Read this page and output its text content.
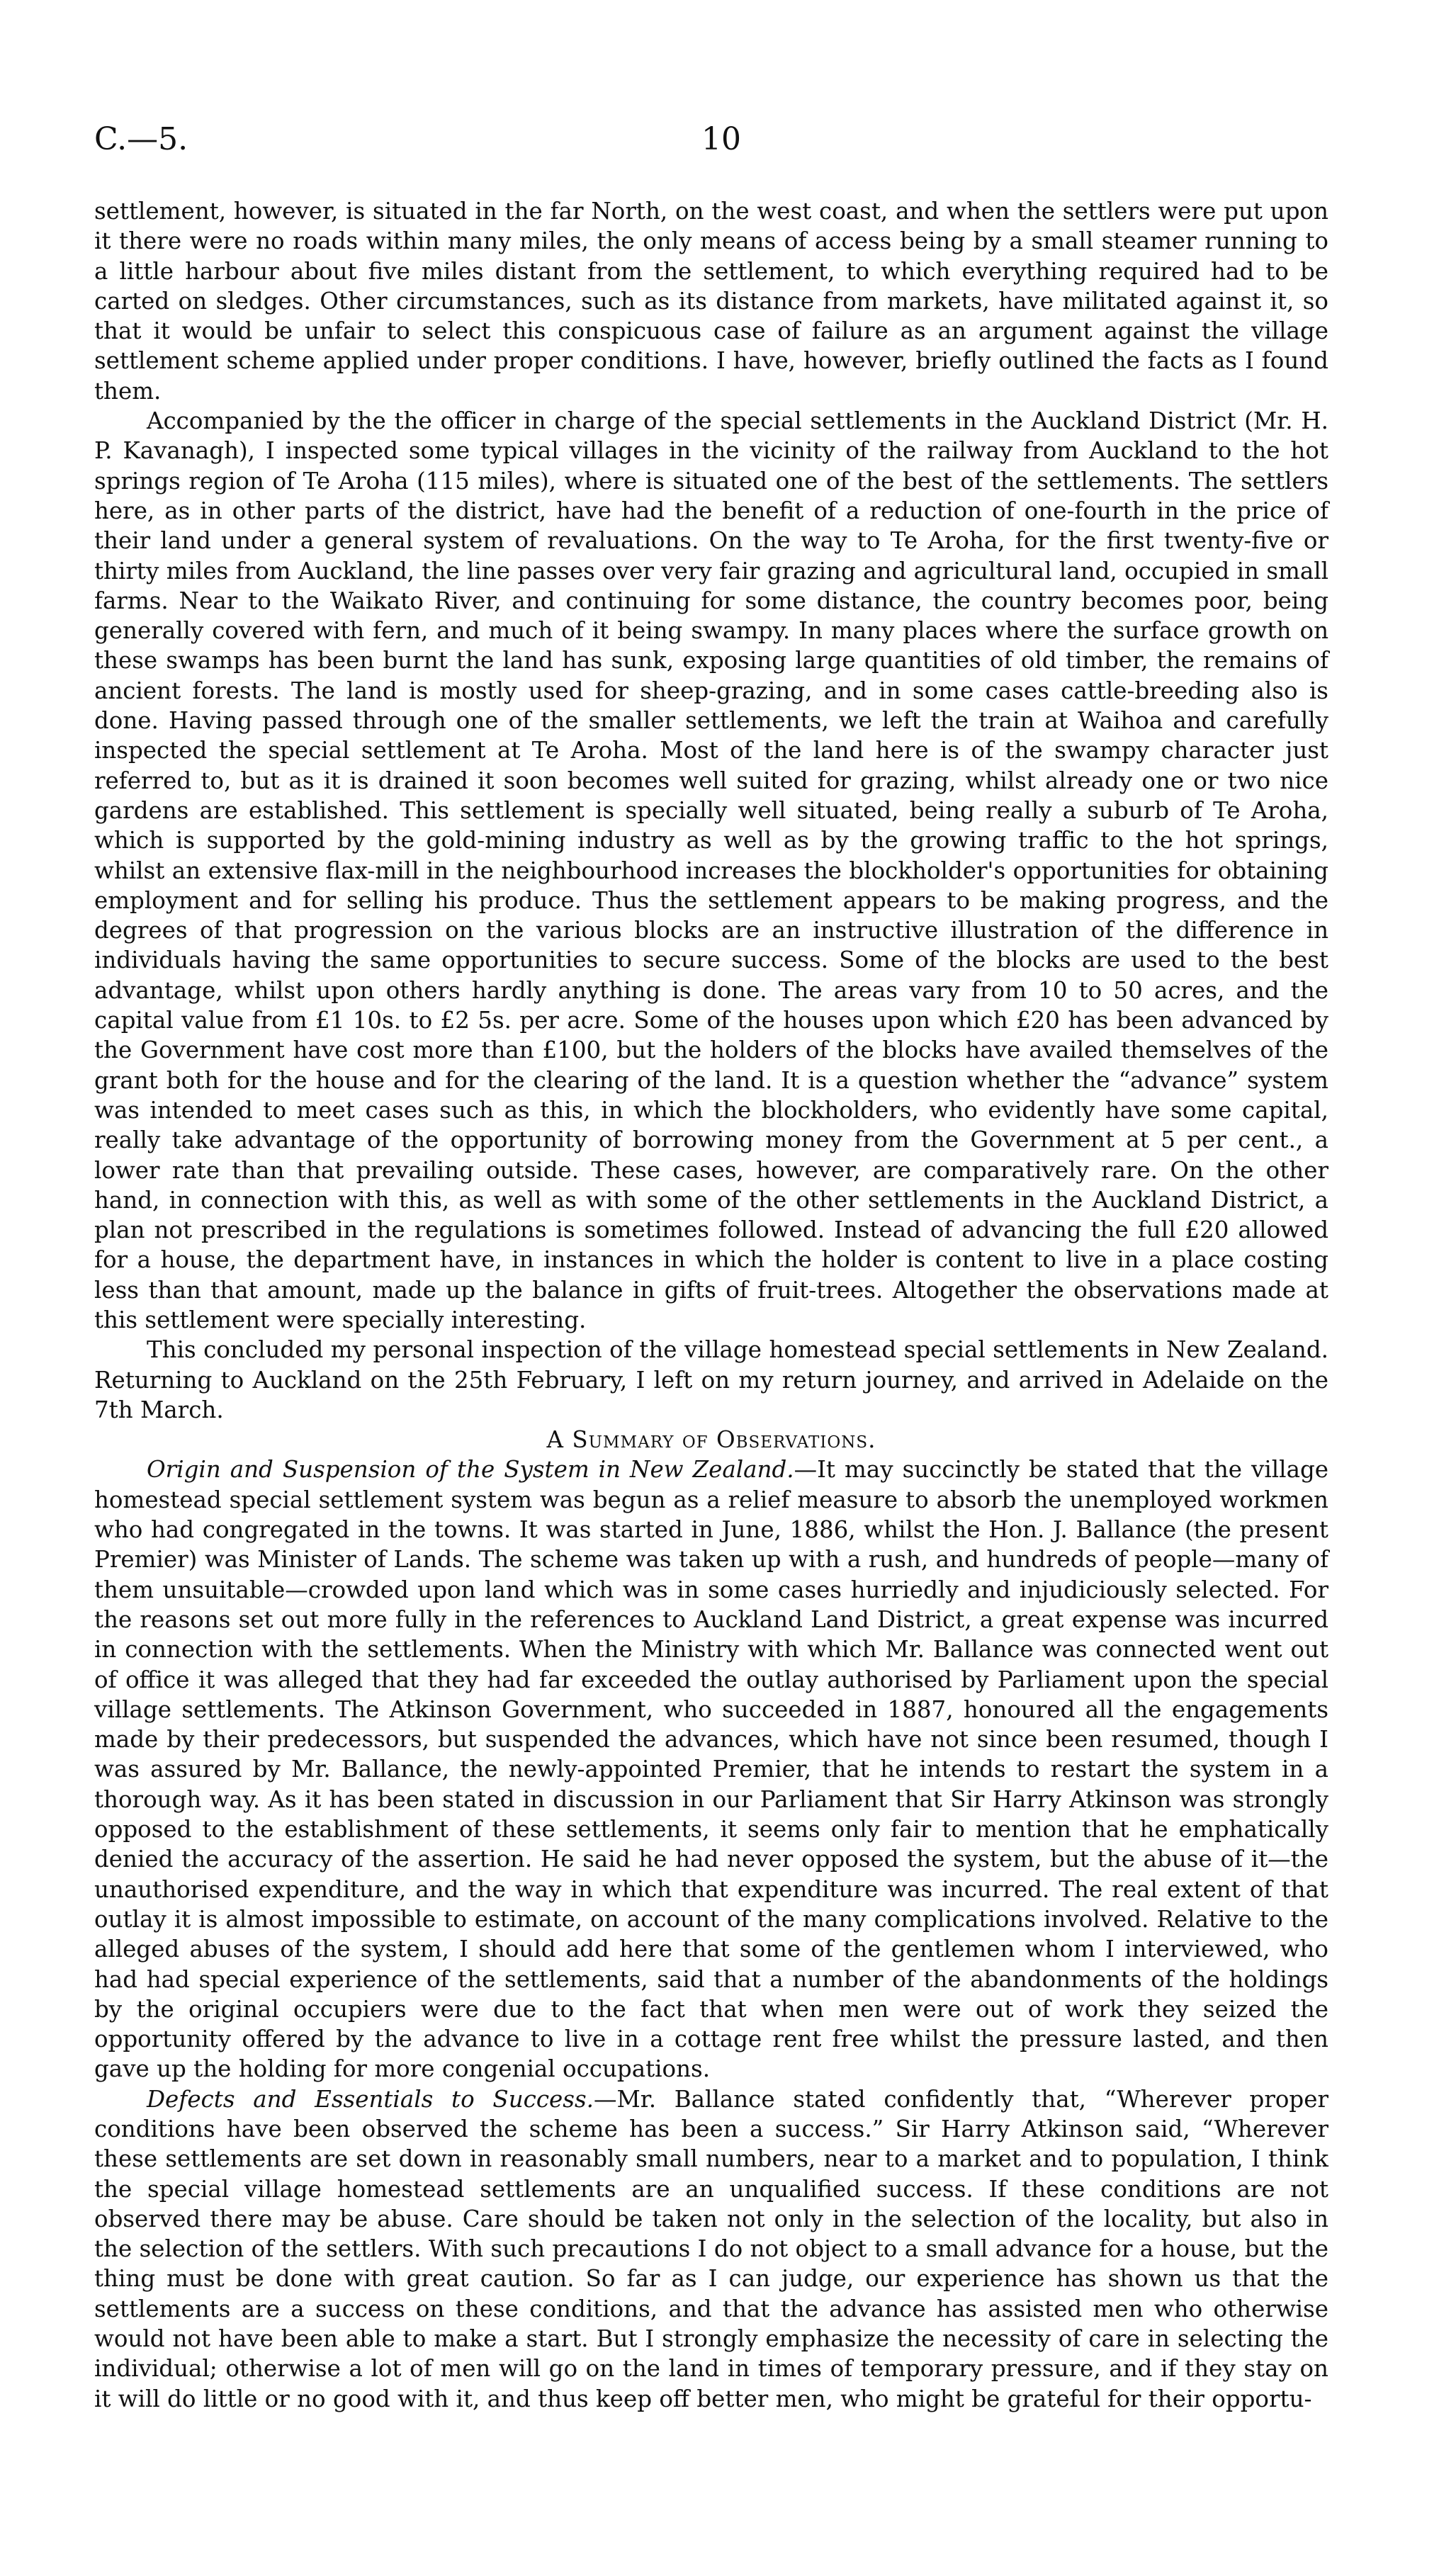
C.—5.	10

settlement, however, is situated in the far North, on the west coast, and when the settlers were put upon it there were no roads within many miles, the only means of access being by a small steamer running to a little harbour about five miles distant from the settlement, to which everything required had to be carted on sledges. Other circumstances, such as its distance from markets, have militated against it, so that it would be unfair to select this conspicuous case of failure as an argument against the village settlement scheme applied under proper conditions. I have, however, briefly outlined the facts as I found them.

Accompanied by the the officer in charge of the special settlements in the Auckland District (Mr. H. P. Kavanagh), I inspected some typical villages in the vicinity of the railway from Auckland to the hot springs region of Te Aroha (115 miles), where is situated one of the best of the settlements. The settlers here, as in other parts of the district, have had the benefit of a reduction of one-fourth in the price of their land under a general system of revaluations. On the way to Te Aroha, for the first twenty-five or thirty miles from Auckland, the line passes over very fair grazing and agricultural land, occupied in small farms. Near to the Waikato River, and continuing for some distance, the country becomes poor, being generally covered with fern, and much of it being swampy. In many places where the surface growth on these swamps has been burnt the land has sunk, exposing large quantities of old timber, the remains of ancient forests. The land is mostly used for sheep-grazing, and in some cases cattle-breeding also is done. Having passed through one of the smaller settlements, we left the train at Waihoa and carefully inspected the special settlement at Te Aroha. Most of the land here is of the swampy character just referred to, but as it is drained it soon becomes well suited for grazing, whilst already one or two nice gardens are established. This settlement is specially well situated, being really a suburb of Te Aroha, which is supported by the gold-mining industry as well as by the growing traffic to the hot springs, whilst an extensive flax-mill in the neighbourhood increases the blockholder's opportunities for obtaining employment and for selling his produce. Thus the settlement appears to be making progress, and the degrees of that progression on the various blocks are an instructive illustration of the difference in individuals having the same opportunities to secure success. Some of the blocks are used to the best advantage, whilst upon others hardly anything is done. The areas vary from 10 to 50 acres, and the capital value from £1 10s. to £2 5s. per acre. Some of the houses upon which £20 has been advanced by the Government have cost more than £100, but the holders of the blocks have availed themselves of the grant both for the house and for the clearing of the land. It is a question whether the “advance” system was intended to meet cases such as this, in which the blockholders, who evidently have some capital, really take advantage of the opportunity of borrowing money from the Government at 5 per cent., a lower rate than that prevailing outside. These cases, however, are comparatively rare. On the other hand, in connection with this, as well as with some of the other settlements in the Auckland District, a plan not prescribed in the regulations is sometimes followed. Instead of advancing the full £20 allowed for a house, the department have, in instances in which the holder is content to live in a place costing less than that amount, made up the balance in gifts of fruit-trees. Altogether the observations made at this settlement were specially interesting.

This concluded my personal inspection of the village homestead special settlements in New Zealand. Returning to Auckland on the 25th February, I left on my return journey, and arrived in Adelaide on the 7th March.

A Summary of Observations.

Origin and Suspension of the System in New Zealand.—It may succinctly be stated that the village homestead special settlement system was begun as a relief measure to absorb the unemployed workmen who had congregated in the towns. It was started in June, 1886, whilst the Hon. J. Ballance (the present Premier) was Minister of Lands. The scheme was taken up with a rush, and hundreds of people—many of them unsuitable—crowded upon land which was in some cases hurriedly and injudiciously selected. For the reasons set out more fully in the references to Auckland Land District, a great expense was incurred in connection with the settlements. When the Ministry with which Mr. Ballance was connected went out of office it was alleged that they had far exceeded the outlay authorised by Parliament upon the special village settlements. The Atkinson Government, who succeeded in 1887, honoured all the engagements made by their predecessors, but suspended the advances, which have not since been resumed, though I was assured by Mr. Ballance, the newly-appointed Premier, that he intends to restart the system in a thorough way. As it has been stated in discussion in our Parliament that Sir Harry Atkinson was strongly opposed to the establishment of these settlements, it seems only fair to mention that he emphatically denied the accuracy of the assertion. He said he had never opposed the system, but the abuse of it—the unauthorised expenditure, and the way in which that expenditure was incurred. The real extent of that outlay it is almost impossible to estimate, on account of the many complications involved. Relative to the alleged abuses of the system, I should add here that some of the gentlemen whom I interviewed, who had had special experience of the settlements, said that a number of the abandonments of the holdings by the original occupiers were due to the fact that when men were out of work they seized the opportunity offered by the advance to live in a cottage rent free whilst the pressure lasted, and then gave up the holding for more congenial occupations.

Defects and Essentials to Success.—Mr. Ballance stated confidently that, “Wherever proper conditions have been observed the scheme has been a success.” Sir Harry Atkinson said, “Wherever these settlements are set down in reasonably small numbers, near to a market and to population, I think the special village homestead settlements are an unqualified success. If these conditions are not observed there may be abuse. Care should be taken not only in the selection of the locality, but also in the selection of the settlers. With such precautions I do not object to a small advance for a house, but the thing must be done with great caution. So far as I can judge, our experience has shown us that the settlements are a success on these conditions, and that the advance has assisted men who otherwise would not have been able to make a start. But I strongly emphasize the necessity of care in selecting the individual; otherwise a lot of men will go on the land in times of temporary pressure, and if they stay on it will do little or no good with it, and thus keep off better men, who might be grateful for their opportu-
